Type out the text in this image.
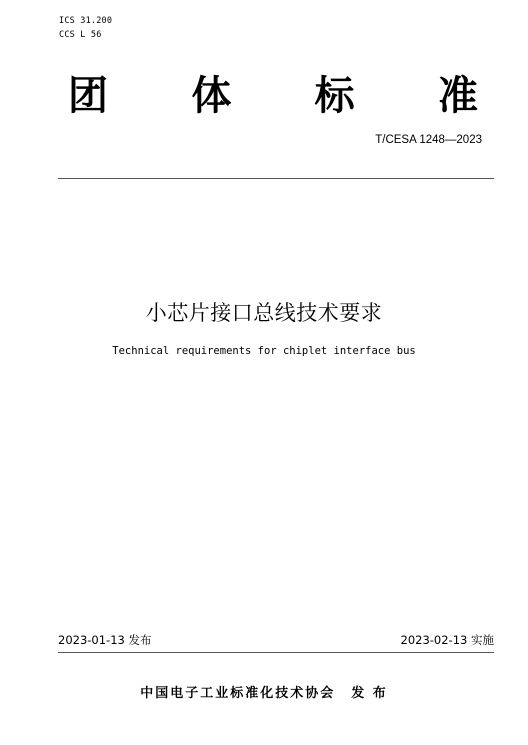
ICS 31.200
CCS L 56
团 体 标 准
T/CESA 1248—2023
小芯片接口总线技术要求
Technical requirements for chiplet interface bus
2023-01-13 发布	2023-02-13 实施
中国电子工业标准化技术协会 发 布
